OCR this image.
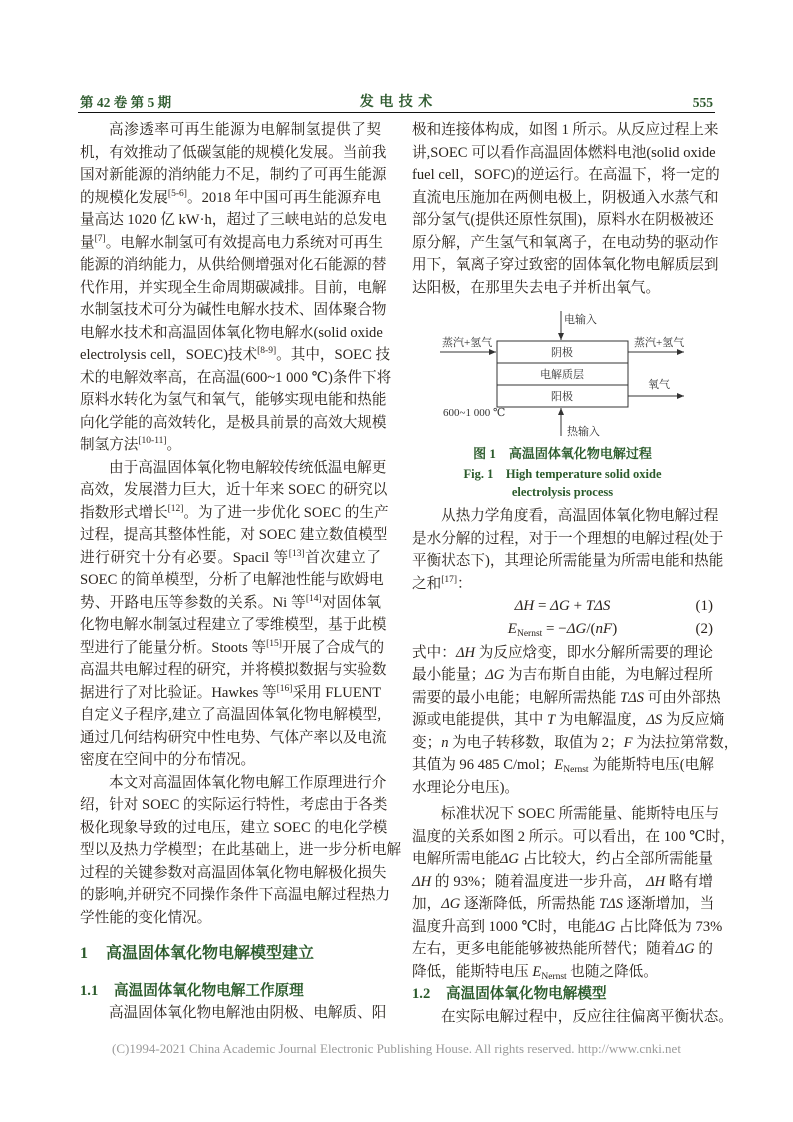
第 42 卷 第 5 期	发 电 技 术	555
高渗透率可再生能源为电解制氢提供了契
机，有效推动了低碳氢能的规模化发展。当前我
国对新能源的消纳能力不足，制约了可再生能源
的规模化发展[5-6]。2018 年中国可再生能源弃电
量高达 1020 亿 kW·h，超过了三峡电站的总发电
量[7]。电解水制氢可有效提高电力系统对可再生
能源的消纳能力，从供给侧增强对化石能源的替
代作用，并实现全生命周期碳减排。目前，电解
水制氢技术可分为碱性电解水技术、固体聚合物
电解水技术和高温固体氧化物电解水(solid oxide
electrolysis cell，SOEC)技术[8-9]。其中，SOEC 技
术的电解效率高，在高温(600~1 000 ℃)条件下将
原料水转化为氢气和氧气，能够实现电能和热能
向化学能的高效转化，是极具前景的高效大规模
制氢方法[10-11]。
由于高温固体氧化物电解较传统低温电解更
高效，发展潜力巨大，近十年来 SOEC 的研究以
指数形式增长[12]。为了进一步优化 SOEC 的生产
过程，提高其整体性能，对 SOEC 建立数值模型
进行研究十分有必要。Spacil 等[13]首次建立了
SOEC 的简单模型，分析了电解池性能与欧姆电
势、开路电压等参数的关系。Ni 等[14]对固体氧
化物电解水制氢过程建立了零维模型，基于此模
型进行了能量分析。Stoots 等[15]开展了合成气的
高温共电解过程的研究，并将模拟数据与实验数
据进行了对比验证。Hawkes 等[16]采用 FLUENT
自定义子程序,建立了高温固体氧化物电解模型,
通过几何结构研究中性电势、气体产率以及电流
密度在空间中的分布情况。
本文对高温固体氧化物电解工作原理进行介
绍，针对 SOEC 的实际运行特性，考虑由于各类
极化现象导致的过电压，建立 SOEC 的电化学模
型以及热力学模型；在此基础上，进一步分析电解
过程的关键参数对高温固体氧化物电解极化损失
的影响,并研究不同操作条件下高温电解过程热力
学性能的变化情况。
1 高温固体氧化物电解模型建立
1.1 高温固体氧化物电解工作原理
高温固体氧化物电解池由阴极、电解质、阳
极和连接体构成，如图 1 所示。从反应过程上来
讲,SOEC 可以看作高温固体燃料电池(solid oxide
fuel cell，SOFC)的逆运行。在高温下，将一定的
直流电压施加在两侧电极上，阴极通入水蒸气和
部分氢气(提供还原性氛围)，原料水在阴极被还
原分解，产生氢气和氧离子，在电动势的驱动作
用下，氧离子穿过致密的固体氧化物电解质层到
达阳极，在那里失去电子并析出氧气。
电输入
热输入
蒸汽+氢气	蒸汽+氢气
氧气
阴极
电解质层
阳极
600~1 000 ℃
图 1　高温固体氧化物电解过程
Fig. 1　High temperature solid oxide
electrolysis process
从热力学角度看，高温固体氧化物电解过程
是水分解的过程，对于一个理想的电解过程(处于
平衡状态下)，其理论所需能量为所需电能和热能
之和[17]：
ΔH = ΔG + TΔS	(1)
$E_{Nernst} = -\Delta G/(nF)$	(2)
式中：ΔH 为反应焓变，即水分解所需要的理论
最小能量；ΔG 为吉布斯自由能，为电解过程所
需要的最小电能；电解所需热能 TΔS 可由外部热
源或电能提供，其中 T 为电解温度，ΔS 为反应熵
变；n 为电子转移数，取值为 2；F 为法拉第常数，
其值为 96 485 C/mol；$E_{Nernst}$ 为能斯特电压(电解
水理论分电压)。
标准状况下 SOEC 所需能量、能斯特电压与
温度的关系如图 2 所示。可以看出，在 100 ℃时，
电解所需电能ΔG 占比较大，约占全部所需能量
ΔH 的 93%；随着温度进一步升高， ΔH 略有增
加，ΔG 逐渐降低，所需热能 TΔS 逐渐增加，当
温度升高到 1000 ℃时，电能ΔG 占比降低为 73%
左右，更多电能能够被热能所替代；随着ΔG 的
降低，能斯特电压 $E_{Nernst}$ 也随之降低。
1.2 高温固体氧化物电解模型
在实际电解过程中，反应往往偏离平衡状态。
(C)1994-2021 China Academic Journal Electronic Publishing House. All rights reserved. http://www.cnki.net
